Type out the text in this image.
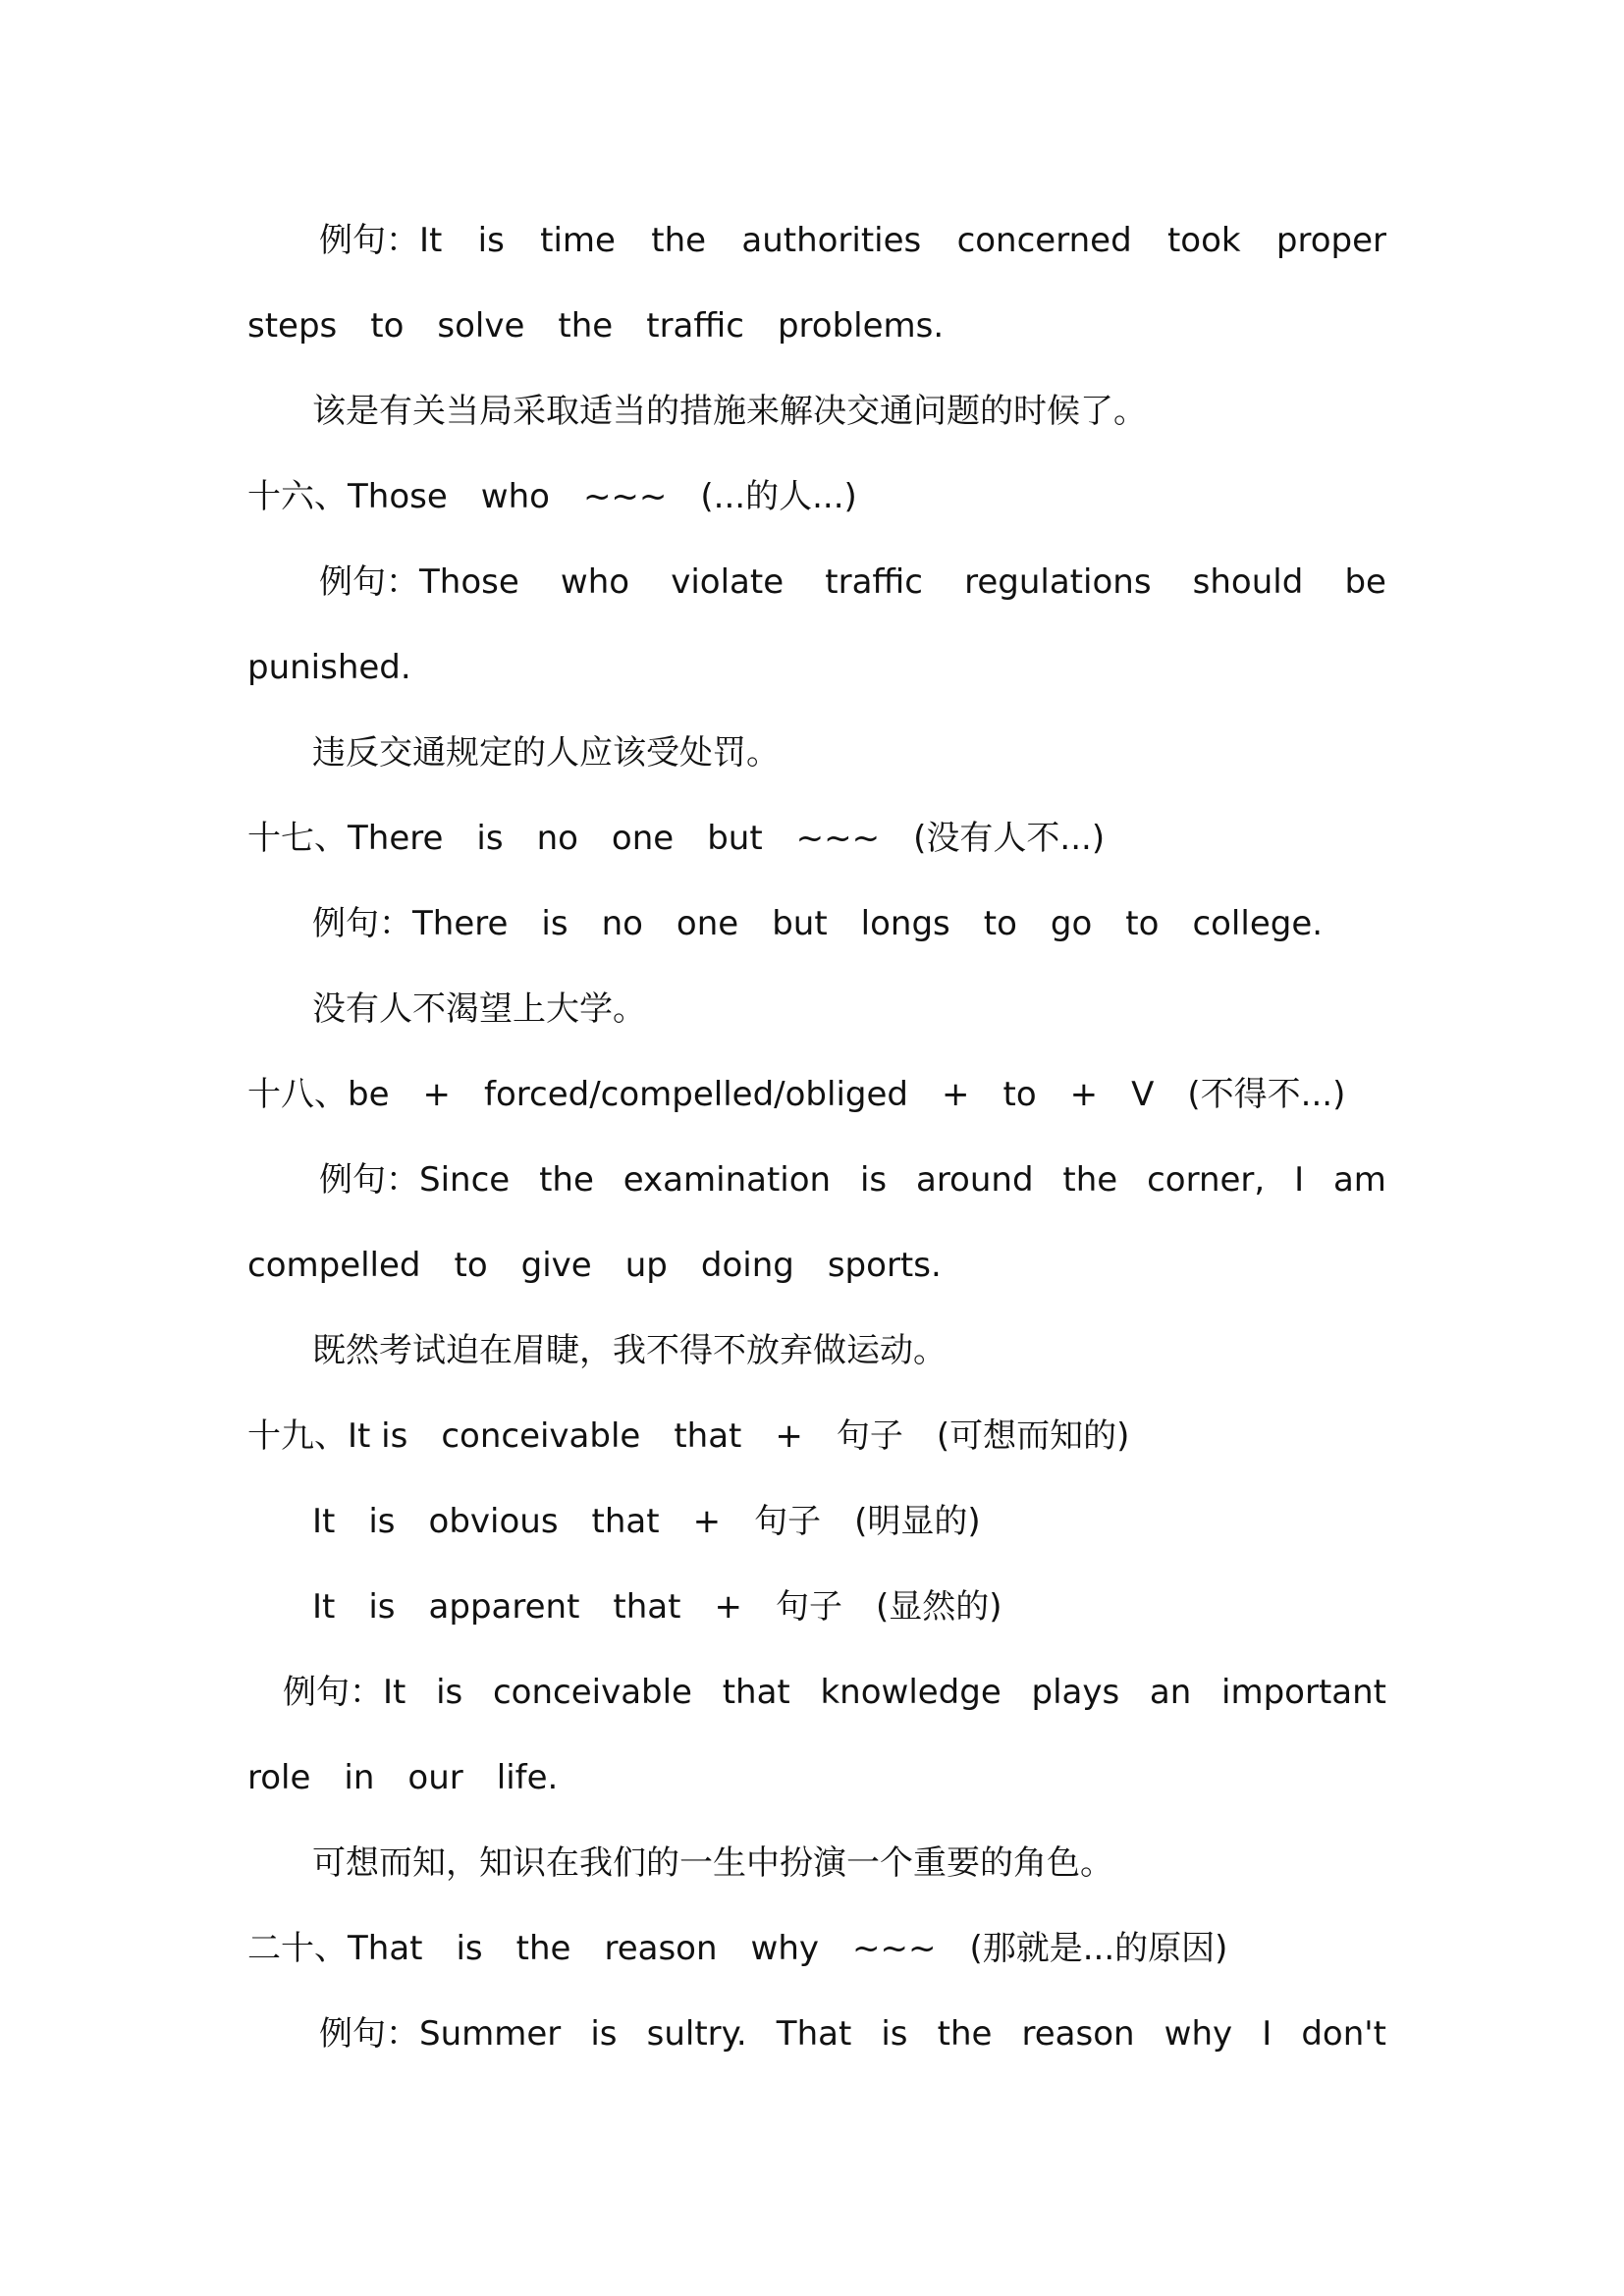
例句：It is time the authorities concerned took proper
steps to solve the traffic problems.
该是有关当局采取适当的措施来解决交通问题的时候了。
十六、Those who ~~~ (...的人...)
例句：Those who violate traffic regulations should be
punished.
违反交通规定的人应该受处罚。
十七、There is no one but ~~~ (没有人不...)
例句：There is no one but longs to go to college.
没有人不渴望上大学。
十八、be + forced/compelled/obliged + to + V (不得不...)
例句：Since the examination is around the corner, I am
compelled to give up doing sports.
既然考试迫在眉睫，我不得不放弃做运动。
十九、It is conceivable that + 句子 (可想而知的)
It is obvious that + 句子 (明显的)
It is apparent that + 句子 (显然的)
例句：It is conceivable that knowledge plays an important
role in our life.
可想而知，知识在我们的一生中扮演一个重要的角色。
二十、That is the reason why ~~~ (那就是...的原因)
例句：Summer is sultry. That is the reason why I don't
